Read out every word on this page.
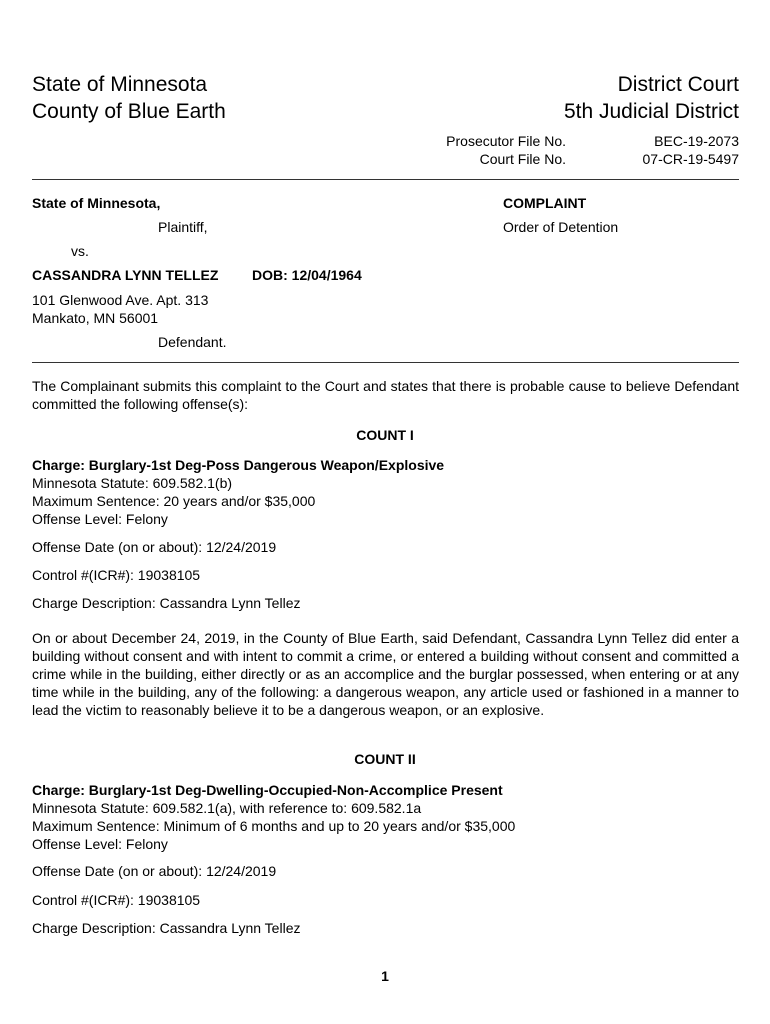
State of Minnesota
County of Blue Earth
District Court
5th Judicial District
Prosecutor File No.	BEC-19-2073
Court File No.	07-CR-19-5497
State of Minnesota,
Plaintiff,
vs.
CASSANDRA LYNN TELLEZ DOB: 12/04/1964
101 Glenwood Ave. Apt. 313
Mankato, MN 56001
Defendant.
COMPLAINT
Order of Detention
The Complainant submits this complaint to the Court and states that there is probable cause to believe Defendant committed the following offense(s):
COUNT I
Charge: Burglary-1st Deg-Poss Dangerous Weapon/Explosive
Minnesota Statute: 609.582.1(b)
Maximum Sentence: 20 years and/or $35,000
Offense Level: Felony
Offense Date (on or about): 12/24/2019
Control #(ICR#): 19038105
Charge Description: Cassandra Lynn Tellez
On or about December 24, 2019, in the County of Blue Earth, said Defendant, Cassandra Lynn Tellez did enter a building without consent and with intent to commit a crime, or entered a building without consent and committed a crime while in the building, either directly or as an accomplice and the burglar possessed, when entering or at any time while in the building, any of the following: a dangerous weapon, any article used or fashioned in a manner to lead the victim to reasonably believe it to be a dangerous weapon, or an explosive.
COUNT II
Charge: Burglary-1st Deg-Dwelling-Occupied-Non-Accomplice Present
Minnesota Statute: 609.582.1(a), with reference to: 609.582.1a
Maximum Sentence: Minimum of 6 months and up to 20 years and/or $35,000
Offense Level: Felony
Offense Date (on or about): 12/24/2019
Control #(ICR#): 19038105
Charge Description: Cassandra Lynn Tellez
1
